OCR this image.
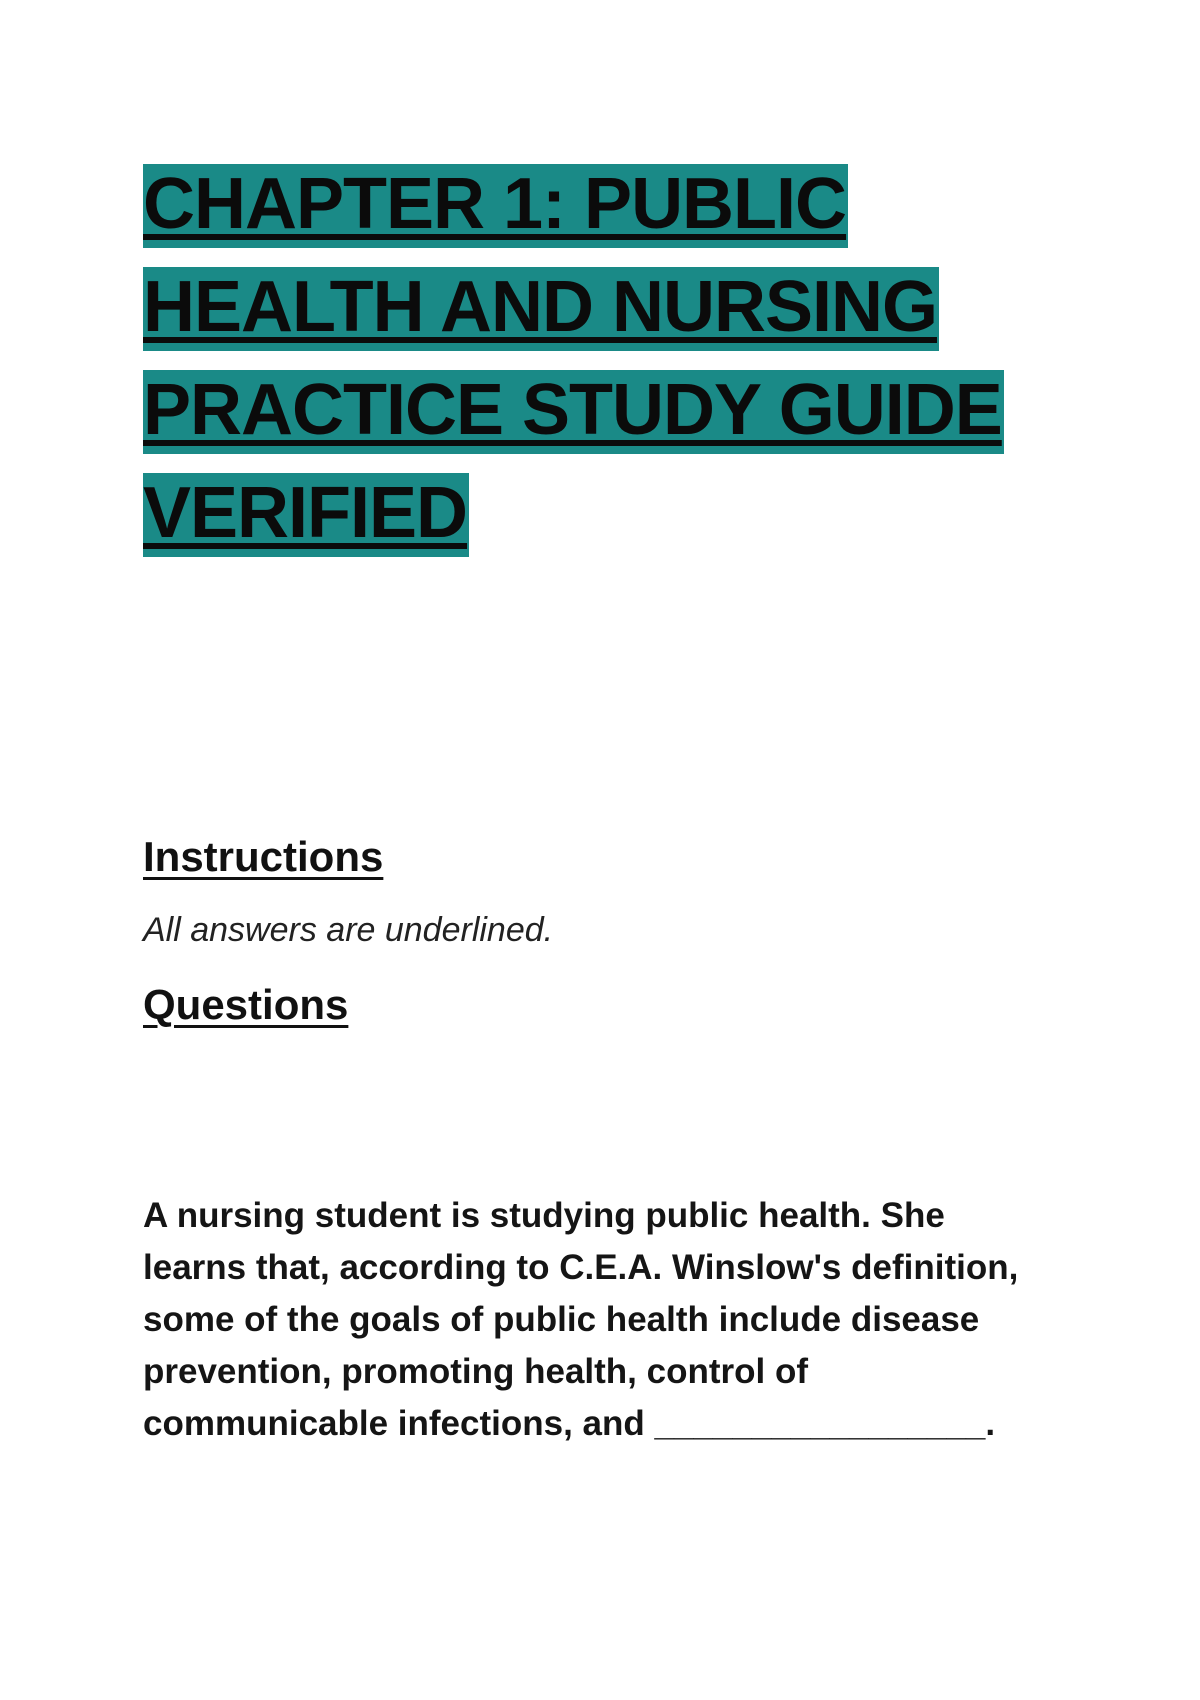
CHAPTER 1: PUBLIC HEALTH AND NURSING PRACTICE STUDY GUIDE VERIFIED
Instructions

All answers are underlined.

Questions

A nursing student is studying public health. She learns that, according to C.E.A. Winslow's definition, some of the goals of public health include disease prevention, promoting health, control of communicable infections, and _________________.
